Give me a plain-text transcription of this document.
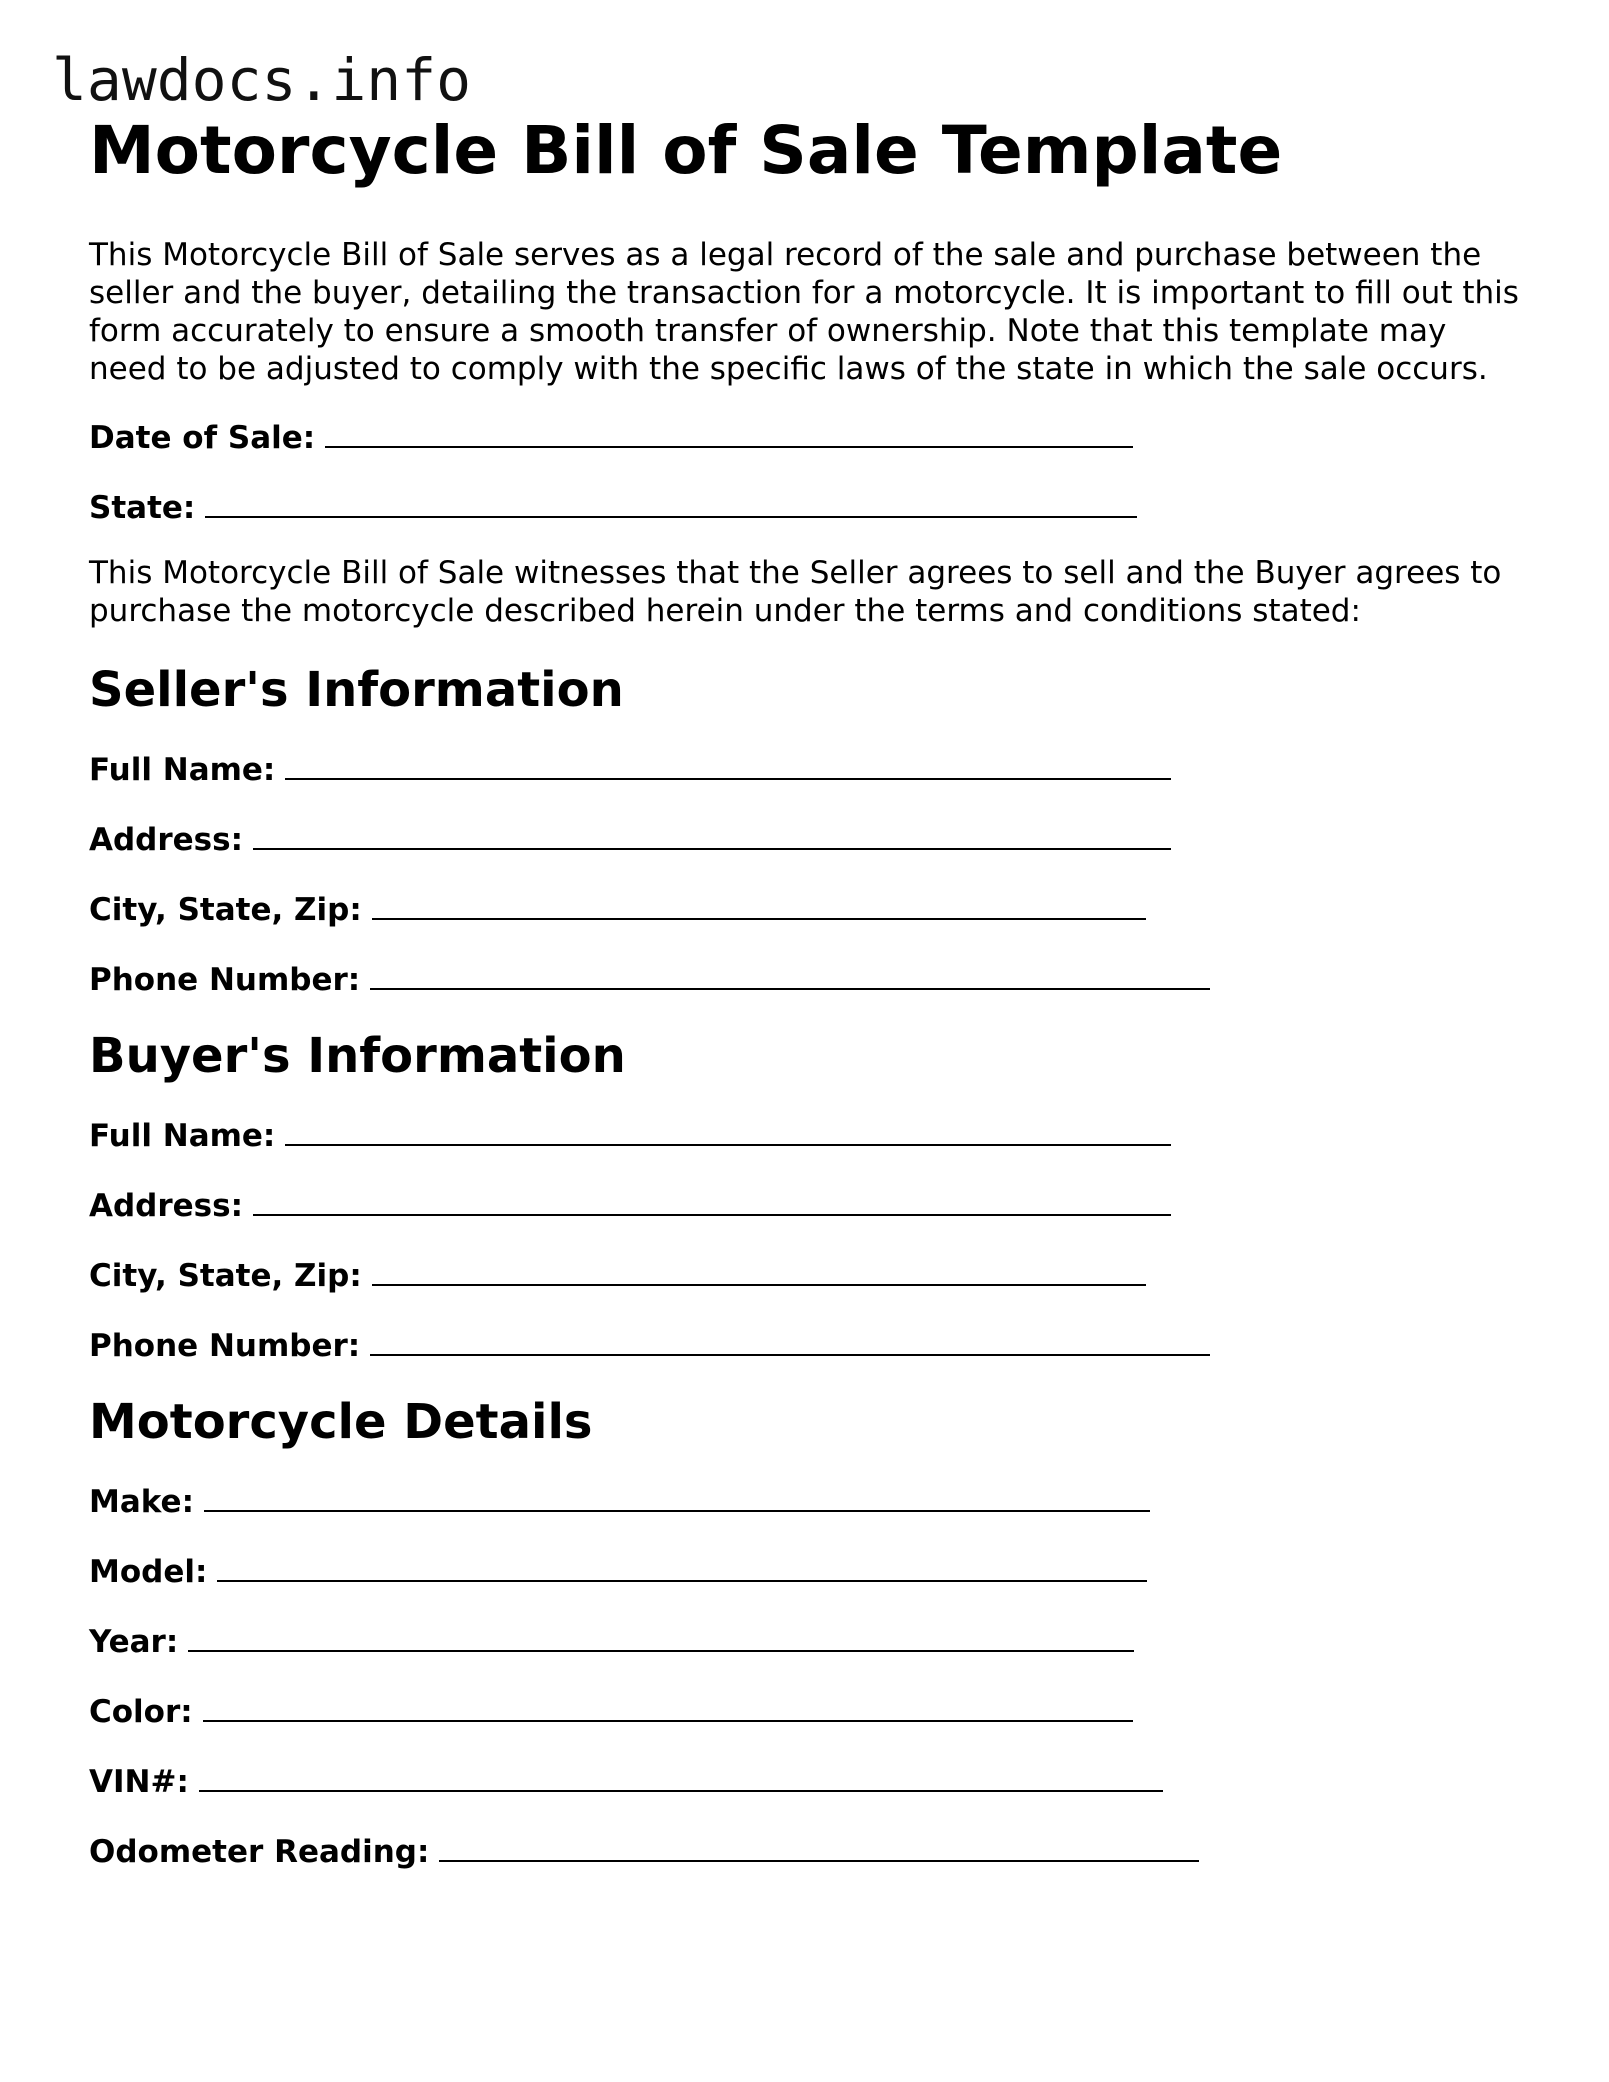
lawdocs.info
Motorcycle Bill of Sale Template

This Motorcycle Bill of Sale serves as a legal record of the sale and purchase between the seller and the buyer, detailing the transaction for a motorcycle. It is important to fill out this form accurately to ensure a smooth transfer of ownership. Note that this template may need to be adjusted to comply with the specific laws of the state in which the sale occurs.

Date of Sale:
State:

This Motorcycle Bill of Sale witnesses that the Seller agrees to sell and the Buyer agrees to purchase the motorcycle described herein under the terms and conditions stated:

Seller's Information
Full Name:
Address:
City, State, Zip:
Phone Number:
Buyer's Information
Full Name:
Address:
City, State, Zip:
Phone Number:
Motorcycle Details
Make:
Model:
Year:
Color:
VIN#:
Odometer Reading:
